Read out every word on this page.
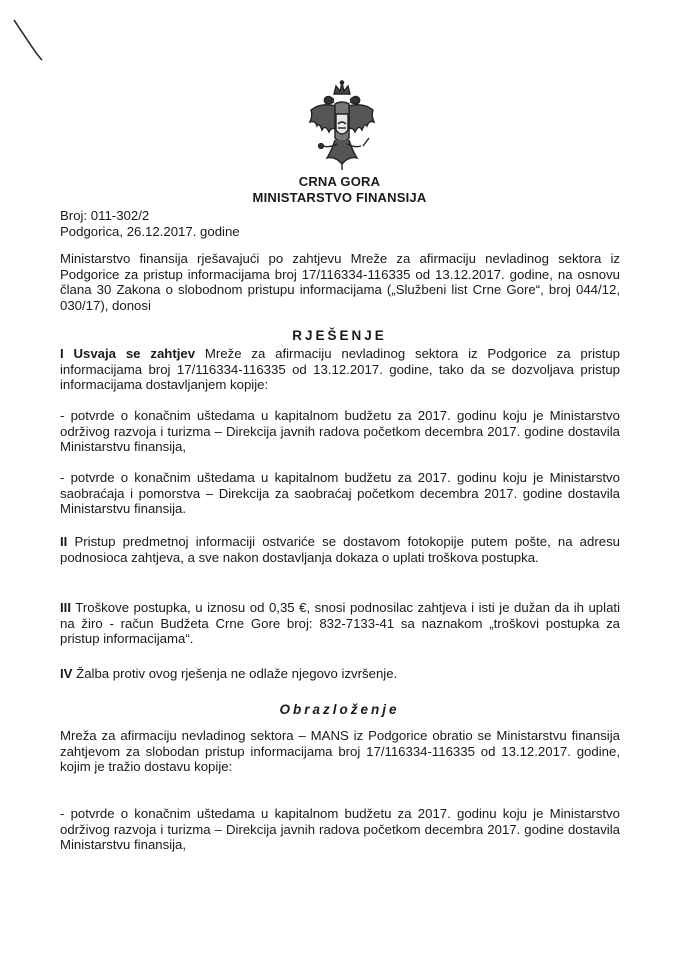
CRNA GORA
MINISTARSTVO FINANSIJA
Broj: 011-302/2
Podgorica, 26.12.2017. godine
Ministarstvo finansija rješavajući po zahtjevu Mreže za afirmaciju nevladinog sektora iz Podgorice za pristup informacijama broj 17/116334-116335 od 13.12.2017. godine, na osnovu člana 30 Zakona o slobodnom pristupu informacijama („Službeni list Crne Gore“, broj 044/12, 030/17), donosi
RJEŠENJE
I Usvaja se zahtjev Mreže za afirmaciju nevladinog sektora iz Podgorice za pristup informacijama broj 17/116334-116335 od 13.12.2017. godine, tako da se dozvoljava pristup informacijama dostavljanjem kopije:
- potvrde o konačnim uštedama u kapitalnom budžetu za 2017. godinu koju je Ministarstvo održivog razvoja i turizma – Direkcija javnih radova početkom decembra 2017. godine dostavila Ministarstvu finansija,
- potvrde o konačnim uštedama u kapitalnom budžetu za 2017. godinu koju je Ministarstvo saobraćaja i pomorstva – Direkcija za saobraćaj početkom decembra 2017. godine dostavila Ministarstvu finansija.
II Pristup predmetnoj informaciji ostvariće se dostavom fotokopije putem pošte, na adresu podnosioca zahtjeva, a sve nakon dostavljanja dokaza o uplati troškova postupka.
III Troškove postupka, u iznosu od 0,35 €, snosi podnosilac zahtjeva i isti je dužan da ih uplati na žiro - račun Budžeta Crne Gore broj: 832-7133-41 sa naznakom „troškovi postupka za pristup informacijama“.
IV Žalba protiv ovog rješenja ne odlaže njegovo izvršenje.
Obrazloženje
Mreža za afirmaciju nevladinog sektora – MANS iz Podgorice obratio se Ministarstvu finansija zahtjevom za slobodan pristup informacijama broj 17/116334-116335 od 13.12.2017. godine, kojim je tražio dostavu kopije:
- potvrde o konačnim uštedama u kapitalnom budžetu za 2017. godinu koju je Ministarstvo održivog razvoja i turizma – Direkcija javnih radova početkom decembra 2017. godine dostavila Ministarstvu finansija,
